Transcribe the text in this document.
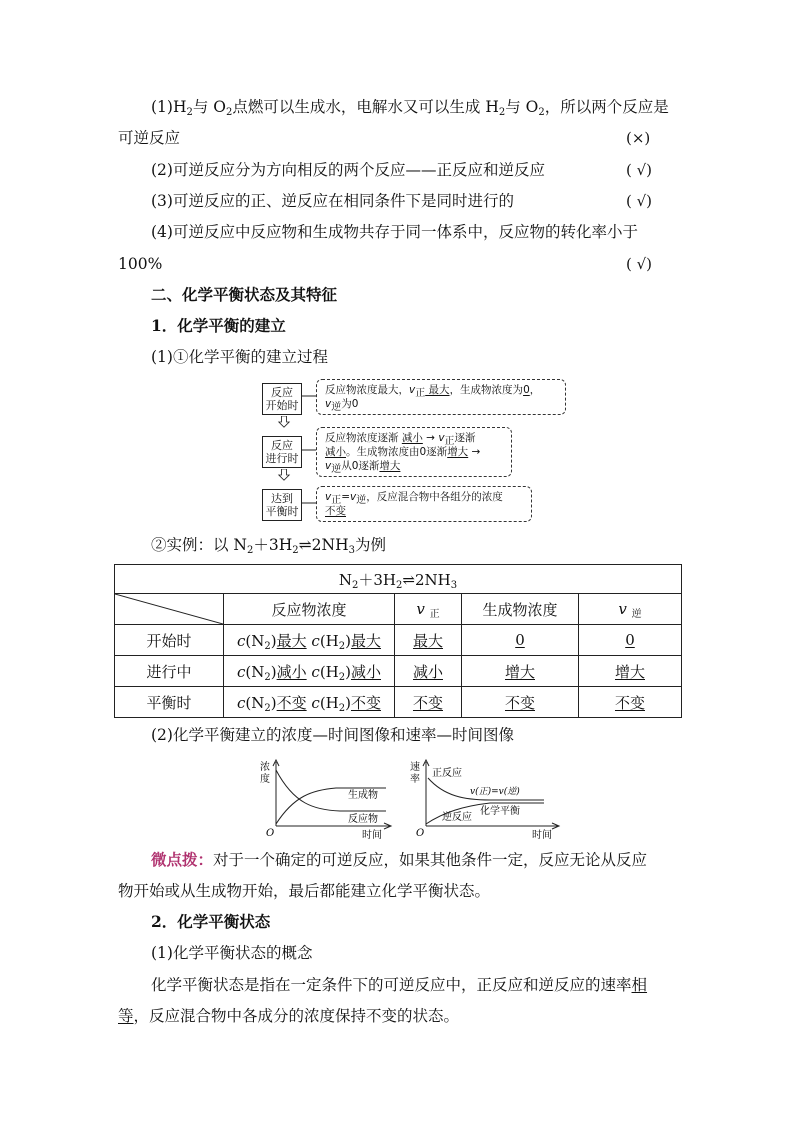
$(1)H_2$与 $O_2$点燃可以生成水，电解水又可以生成 $H_2$与 $O_2$，所以两个反应是
可逆反应	(×)
(2)可逆反应分为方向相反的两个反应——正反应和逆反应	( √)
(3)可逆反应的正、逆反应在相同条件下是同时进行的	( √)
(4)可逆反应中反应物和生成物共存于同一体系中，反应物的转化率小于
100%	( √)
二、化学平衡状态及其特征
1．化学平衡的建立
(1)①化学平衡的建立过程
反应
开始时
反应
进行时
达到
平衡时
反应物浓度最大，$v_正$ 最大，生成物浓度为0，
$v_逆$为0
反应物浓度逐渐 减小 → $v_正$逐渐
减小。生成物浓度由0逐渐增大 →
$v_逆$从0逐渐增大
$v_正=v_逆$，反应混合物中各组分的浓度
不变
②实例：以 $N_2+3H_2\rightleftharpoons 2NH_3$为例
$N_2+3H_2\rightleftharpoons 2NH_3$

	反应物浓度	v $_正$	生成物浓度	v $_逆$
开始时	$c(N_2)$最大 $c(H_2)$最大	最大	0	0
进行中	$c(N_2)$减小 $c(H_2)$减小	减小	增大	增大
平衡时	$c(N_2)$不变 $c(H_2)$不变	不变	不变	不变
(2)化学平衡建立的浓度—时间图像和速率—时间图像
浓
度
O	时间
生成物
反应物
速
率
O	时间
正反应
逆反应
v(正)=v(逆)
化学平衡
微点拨：对于一个确定的可逆反应，如果其他条件一定，反应无论从反应
物开始或从生成物开始，最后都能建立化学平衡状态。
2．化学平衡状态
(1)化学平衡状态的概念
化学平衡状态是指在一定条件下的可逆反应中，正反应和逆反应的速率相
等，反应混合物中各成分的浓度保持不变的状态。
